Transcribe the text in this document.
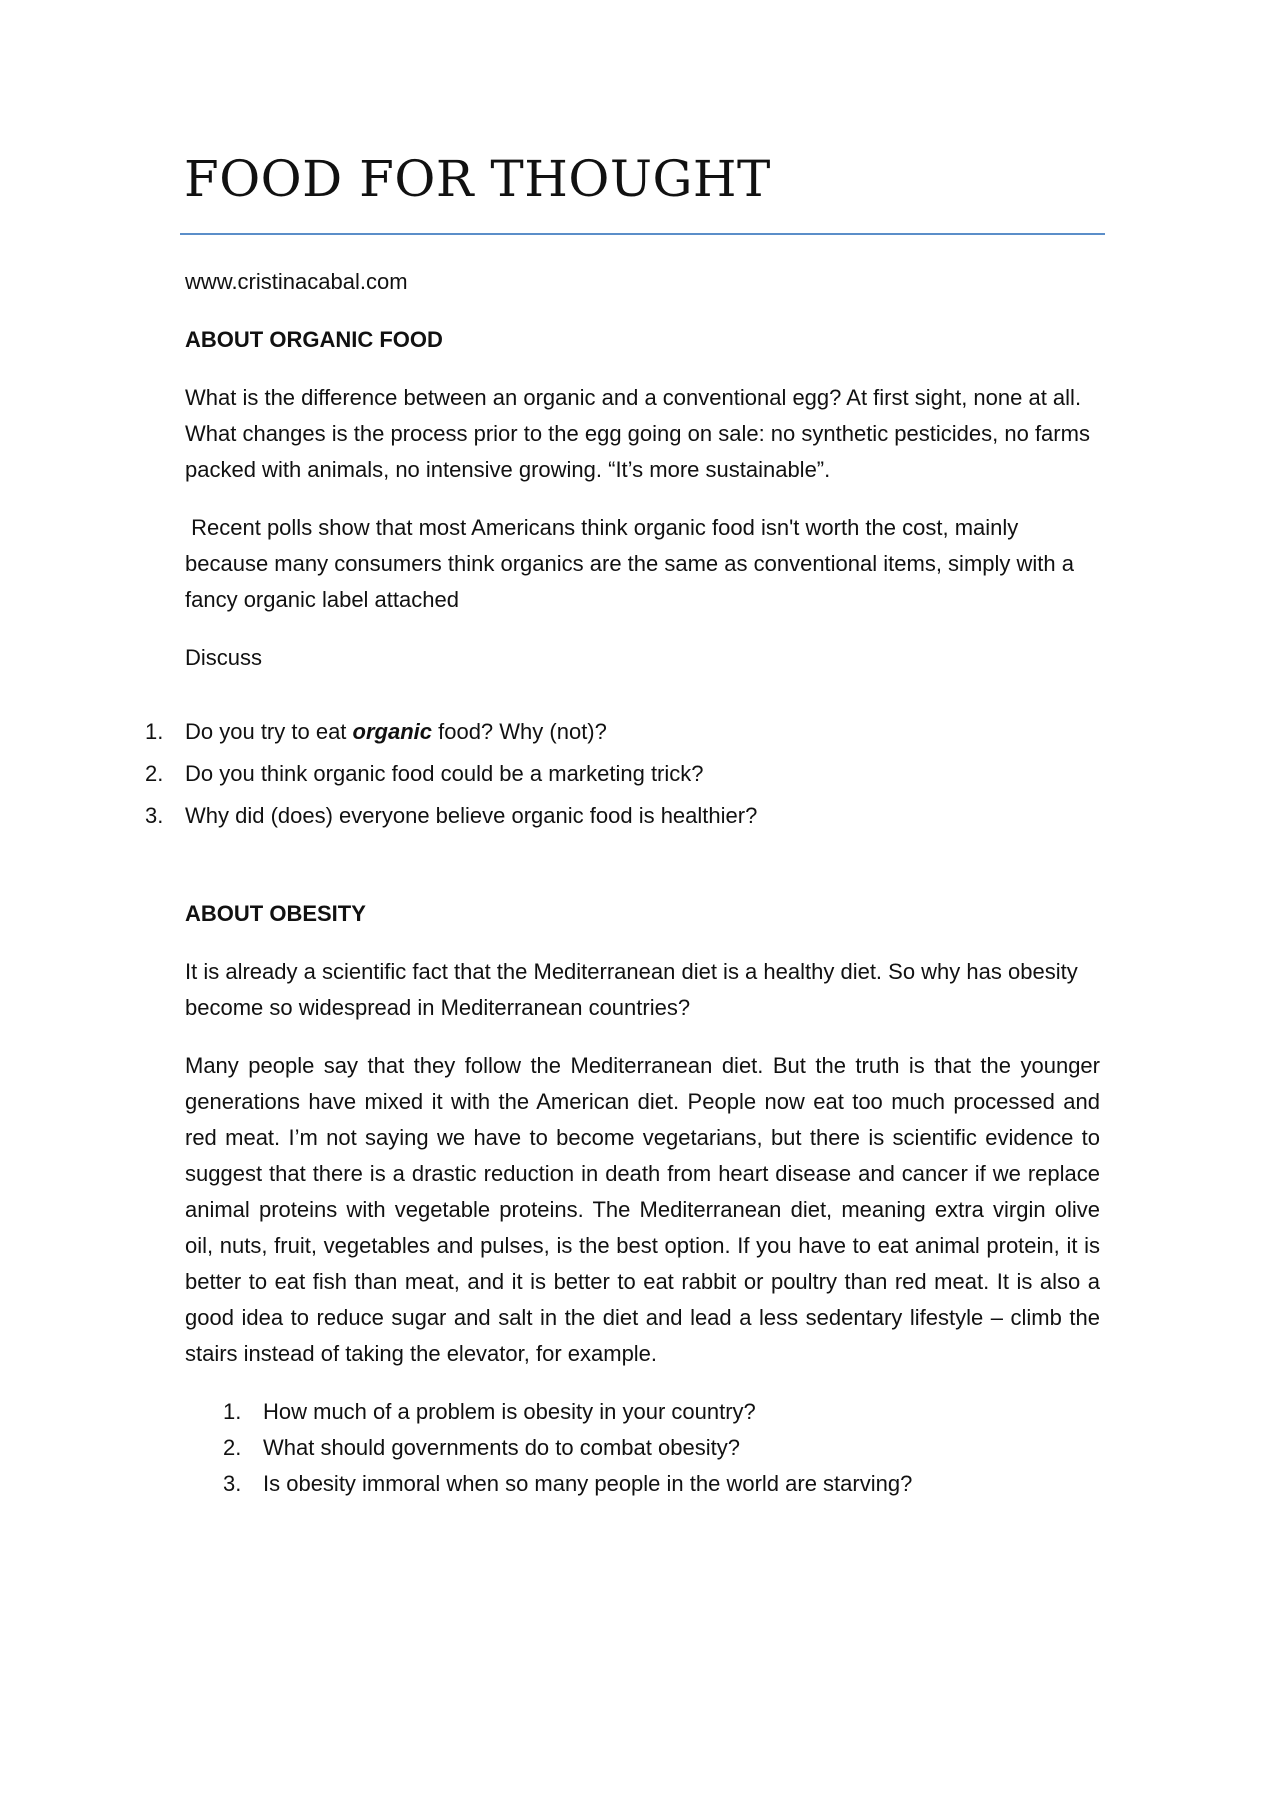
FOOD FOR THOUGHT
www.cristinacabal.com
ABOUT ORGANIC FOOD
What is the difference between an organic and a conventional egg? At first sight, none at all. What changes is the process prior to the egg going on sale: no synthetic pesticides, no farms packed with animals, no intensive growing. “It’s more sustainable”.
Recent polls show that most Americans think organic food isn't worth the cost, mainly because many consumers think organics are the same as conventional items, simply with a fancy organic label attached
Discuss
1. Do you try to eat organic food? Why (not)?
2. Do you think organic food could be a marketing trick?
3. Why did (does) everyone believe organic food is healthier?
ABOUT OBESITY
It is already a scientific fact that the Mediterranean diet is a healthy diet. So why has obesity become so widespread in Mediterranean countries?
Many people say that they follow the Mediterranean diet. But the truth is that the younger generations have mixed it with the American diet. People now eat too much processed and red meat. I’m not saying we have to become vegetarians, but there is scientific evidence to suggest that there is a drastic reduction in death from heart disease and cancer if we replace animal proteins with vegetable proteins. The Mediterranean diet, meaning extra virgin olive oil, nuts, fruit, vegetables and pulses, is the best option. If you have to eat animal protein, it is better to eat fish than meat, and it is better to eat rabbit or poultry than red meat. It is also a good idea to reduce sugar and salt in the diet and lead a less sedentary lifestyle – climb the stairs instead of taking the elevator, for example.
1. How much of a problem is obesity in your country?
2. What should governments do to combat obesity?
3. Is obesity immoral when so many people in the world are starving?
